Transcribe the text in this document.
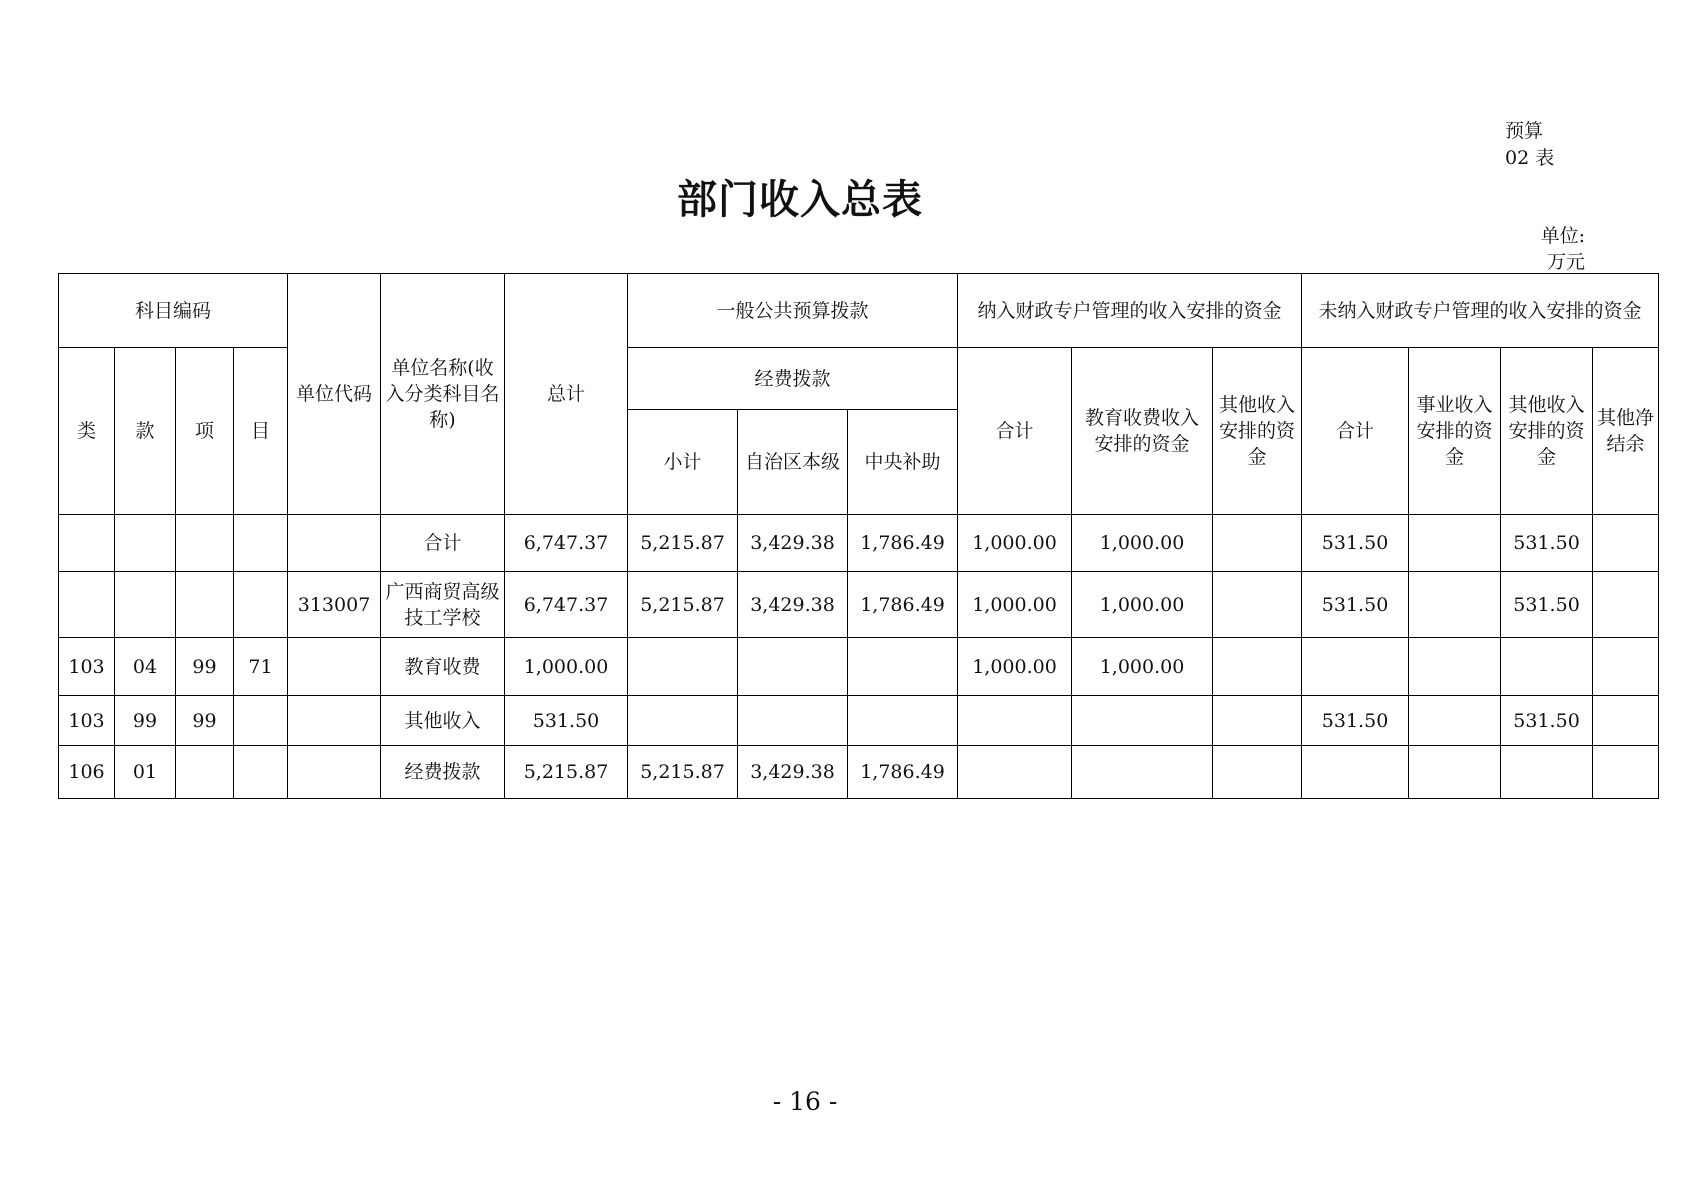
预算
02 表
部门收入总表
单位:
万元
科目编码				单位代码	单位名称(收入分类科目名称)	总计	一般公共预算拨款			纳入财政专户管理的收入安排的资金			未纳入财政专户管理的收入安排的资金			
类	款	项	目				经费拨款			合计	教育收费收入安排的资金	其他收入安排的资金	合计	事业收入安排的资金	其他收入安排的资金	其他净结余
							小计	自治区本级	中央补助							
					合计	6,747.37	5,215.87	3,429.38	1,786.49	1,000.00	1,000.00		531.50		531.50	
				313007	广西商贸高级技工学校	6,747.37	5,215.87	3,429.38	1,786.49	1,000.00	1,000.00		531.50		531.50	
103	04	99	71		教育收费	1,000.00				1,000.00	1,000.00					
103	99	99			其他收入	531.50							531.50		531.50	
106	01				经费拨款	5,215.87	5,215.87	3,429.38	1,786.49							
- 16 -
